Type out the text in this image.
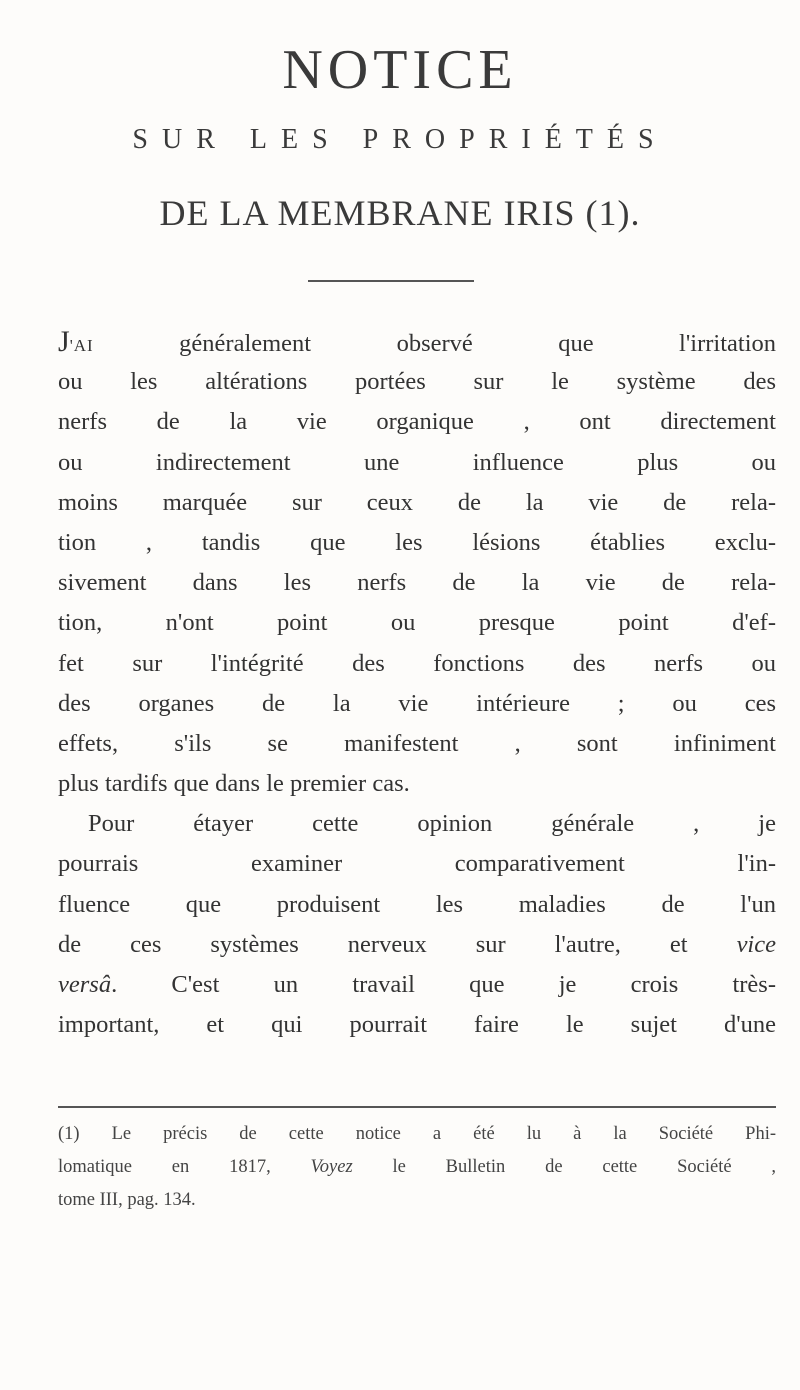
NOTICE
SUR LES PROPRIÉTÉS
DE LA MEMBRANE IRIS (1).
J'AI généralement observé que l'irritation
ou les altérations portées sur le système des
nerfs de la vie organique , ont directement
ou indirectement une influence plus ou
moins marquée sur ceux de la vie de rela-
tion , tandis que les lésions établies exclu-
sivement dans les nerfs de la vie de rela-
tion, n'ont point ou presque point d'ef-
fet sur l'intégrité des fonctions des nerfs ou
des organes de la vie intérieure ; ou ces
effets, s'ils se manifestent , sont infiniment
plus tardifs que dans le premier cas.
Pour étayer cette opinion générale , je
pourrais examiner comparativement l'in-
fluence que produisent les maladies de l'un
de ces systèmes nerveux sur l'autre, et vice
versâ. C'est un travail que je crois très-
important, et qui pourrait faire le sujet d'une
(1) Le précis de cette notice a été lu à la Société Phi-
lomatique en 1817, Voyez le Bulletin de cette Société ,
tome III, pag. 134.
